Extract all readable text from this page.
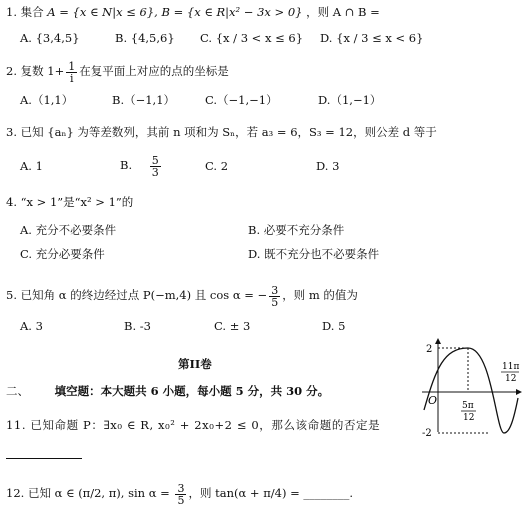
1. 集合 A = {x ∈ N|x ≤ 6}, B = {x ∈ R|x² − 3x > 0} ，则 A ∩ B =
A. {3,4,5}	B. {4,5,6} C. {x / 3 < x ≤ 6} D. {x / 3 ≤ x < 6}
2. 复数 $1+ \frac{1}{i}$ 在复平面上对应的点的坐标是
A.（1,1）	B.（−1,1）	C.（−1,−1）	D.（1,−1）
3. 已知 {aₙ} 为等差数列，其前 n 项和为 Sₙ，若 a₃ = 6，S₃ = 12，则公差 d 等于
A. 1	B. $\frac{5}{3}$	C. 2	D. 3
4. “x > 1”是“x² > 1”的
A. 充分不必要条件	B. 必要不充分条件
C. 充分必要条件	D. 既不充分也不必要条件
5. 已知角 α 的终边经过点 P(−m,4) 且 cos α = − $\frac{3}{5}$ ，则 m 的值为
A. 3	B. -3	C. ± 3	D. 5
第II卷
二、 填空题：本大题共 6 小题，每小题 5 分，共 30 分。
11. 已知命题 P：∃x₀ ∈ R, x₀² + 2x₀+2 ≤ 0，那么该命题的否定是
12. 已知 α ∈ (π/2, π), $\sin \alpha = \frac{3}{5}$ ，则 tan(α + π/4) = ________.
2
-2
O	5π
12
11π
12
